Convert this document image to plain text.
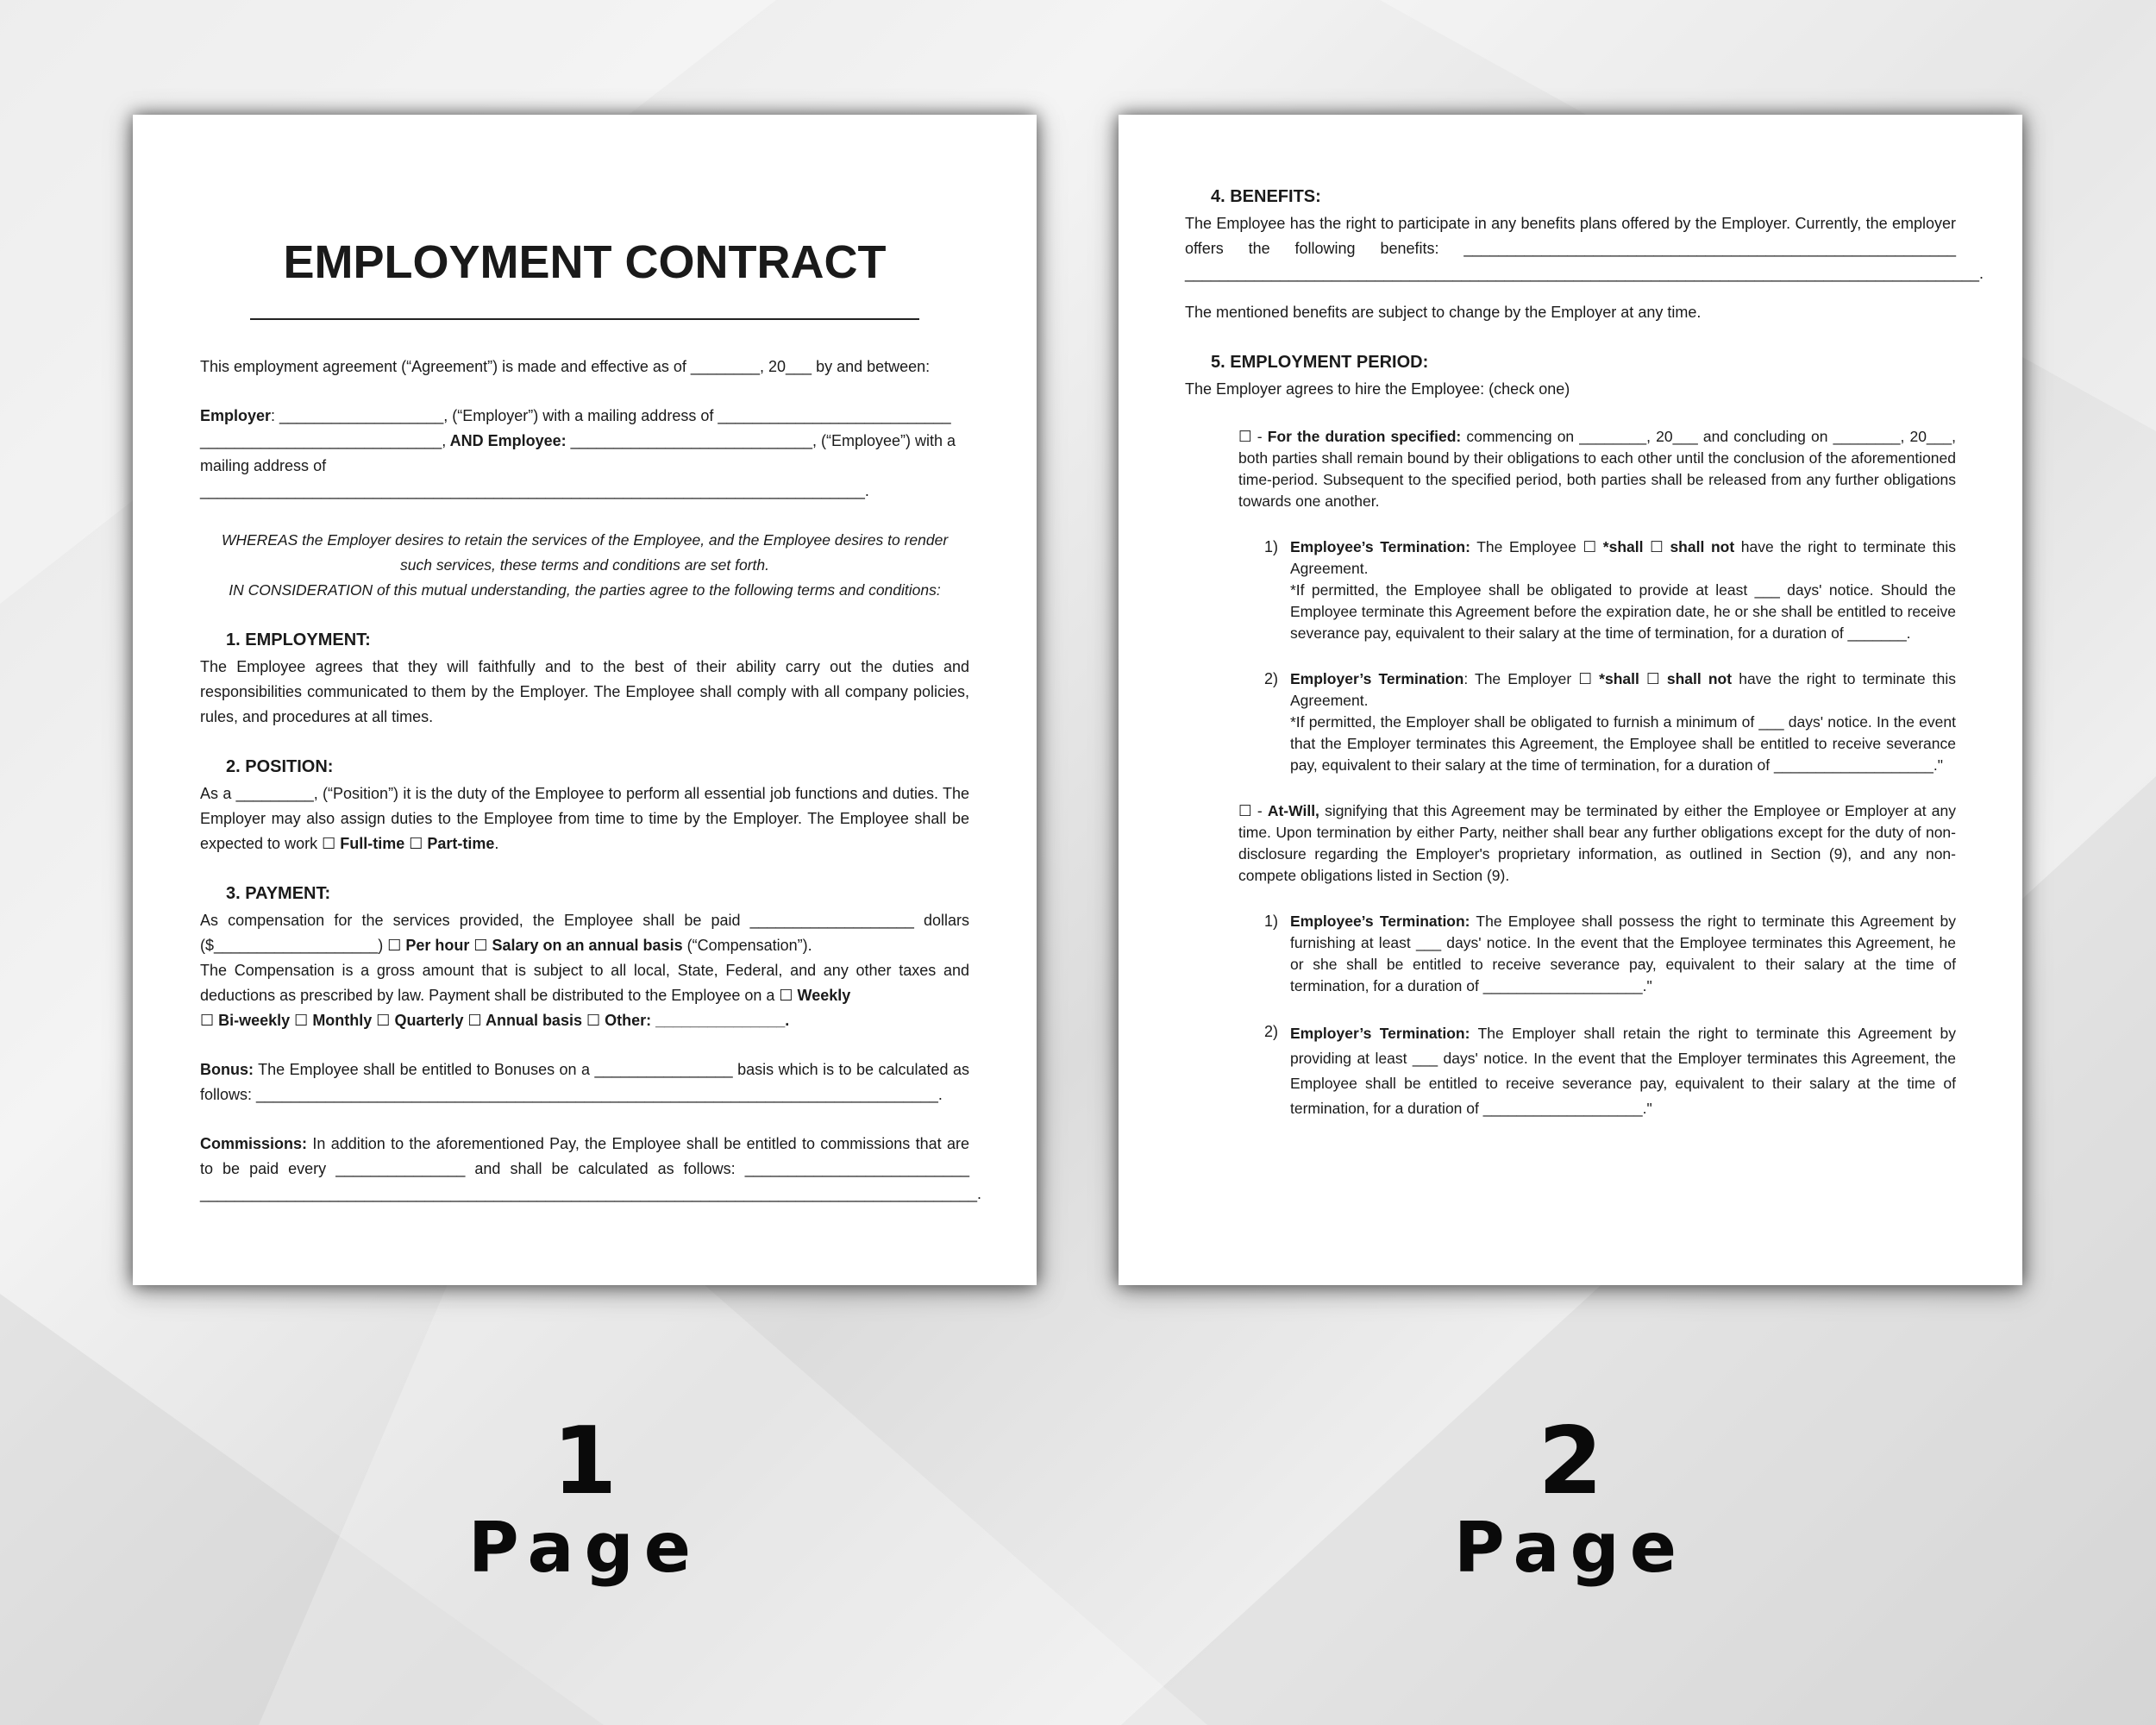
EMPLOYMENT CONTRACT

This employment agreement (“Agreement”) is made and effective as of ________, 20___ by and between:

Employer: ___________________, (“Employer”) with a mailing address of ___________________________

____________________________, AND Employee: ____________________________, (“Employee”) with a

mailing address of _____________________________________________________________________________.

WHEREAS the Employer desires to retain the services of the Employee, and the Employee desires to render such services, these terms and conditions are set forth.

IN CONSIDERATION of this mutual understanding, the parties agree to the following terms and conditions:

1. EMPLOYMENT:

The Employee agrees that they will faithfully and to the best of their ability carry out the duties and responsibilities communicated to them by the Employer. The Employee shall comply with all company policies, rules, and procedures at all times.

2. POSITION:

As a _________, (“Position”) it is the duty of the Employee to perform all essential job functions and duties. The Employer may also assign duties to the Employee from time to time by the Employer. The Employee shall be expected to work ☐ Full-time ☐ Part-time.

3. PAYMENT:

As compensation for the services provided, the Employee shall be paid ___________________ dollars ($___________________) ☐ Per hour ☐ Salary on an annual basis (“Compensation”).

The Compensation is a gross amount that is subject to all local, State, Federal, and any other taxes and deductions as prescribed by law. Payment shall be distributed to the Employee on a ☐ Weekly

☐ Bi-weekly ☐ Monthly ☐ Quarterly ☐ Annual basis ☐ Other: _______________.

Bonus: The Employee shall be entitled to Bonuses on a ________________ basis which is to be calculated as follows: _______________________________________________________________________________.

Commissions: In addition to the aforementioned Pay, the Employee shall be entitled to commissions that are to be paid every _______________ and shall be calculated as follows: __________________________ __________________________________________________________________________________________.

4. BENEFITS:

The Employee has the right to participate in any benefits plans offered by the Employer. Currently, the employer offers the following benefits: _________________________________________________________ ____________________________________________________________________________________________.

The mentioned benefits are subject to change by the Employer at any time.

5. EMPLOYMENT PERIOD:

The Employer agrees to hire the Employee: (check one)

☐ - For the duration specified: commencing on ________, 20___ and concluding on ________, 20___, both parties shall remain bound by their obligations to each other until the conclusion of the aforementioned time-period. Subsequent to the specified period, both parties shall be released from any further obligations towards one another.

1) Employee’s Termination: The Employee ☐ *shall ☐ shall not have the right to terminate this Agreement.

*If permitted, the Employee shall be obligated to provide at least ___ days' notice. Should the Employee terminate this Agreement before the expiration date, he or she shall be entitled to receive severance pay, equivalent to their salary at the time of termination, for a duration of _______.

2) Employer’s Termination: The Employer ☐ *shall ☐ shall not have the right to terminate this Agreement.

*If permitted, the Employer shall be obligated to furnish a minimum of ___ days' notice. In the event that the Employer terminates this Agreement, the Employee shall be entitled to receive severance pay, equivalent to their salary at the time of termination, for a duration of ___________________."

☐ - At-Will, signifying that this Agreement may be terminated by either the Employee or Employer at any time. Upon termination by either Party, neither shall bear any further obligations except for the duty of non-disclosure regarding the Employer's proprietary information, as outlined in Section (9), and any non-compete obligations listed in Section (9).

1) Employee’s Termination: The Employee shall possess the right to terminate this Agreement by furnishing at least ___ days' notice. In the event that the Employee terminates this Agreement, he or she shall be entitled to receive severance pay, equivalent to their salary at the time of termination, for a duration of ___________________."

2) Employer’s Termination: The Employer shall retain the right to terminate this Agreement by providing at least ___ days' notice. In the event that the Employer terminates this Agreement, the Employee shall be entitled to receive severance pay, equivalent to their salary at the time of termination, for a duration of ___________________."

1
Page
2
Page
